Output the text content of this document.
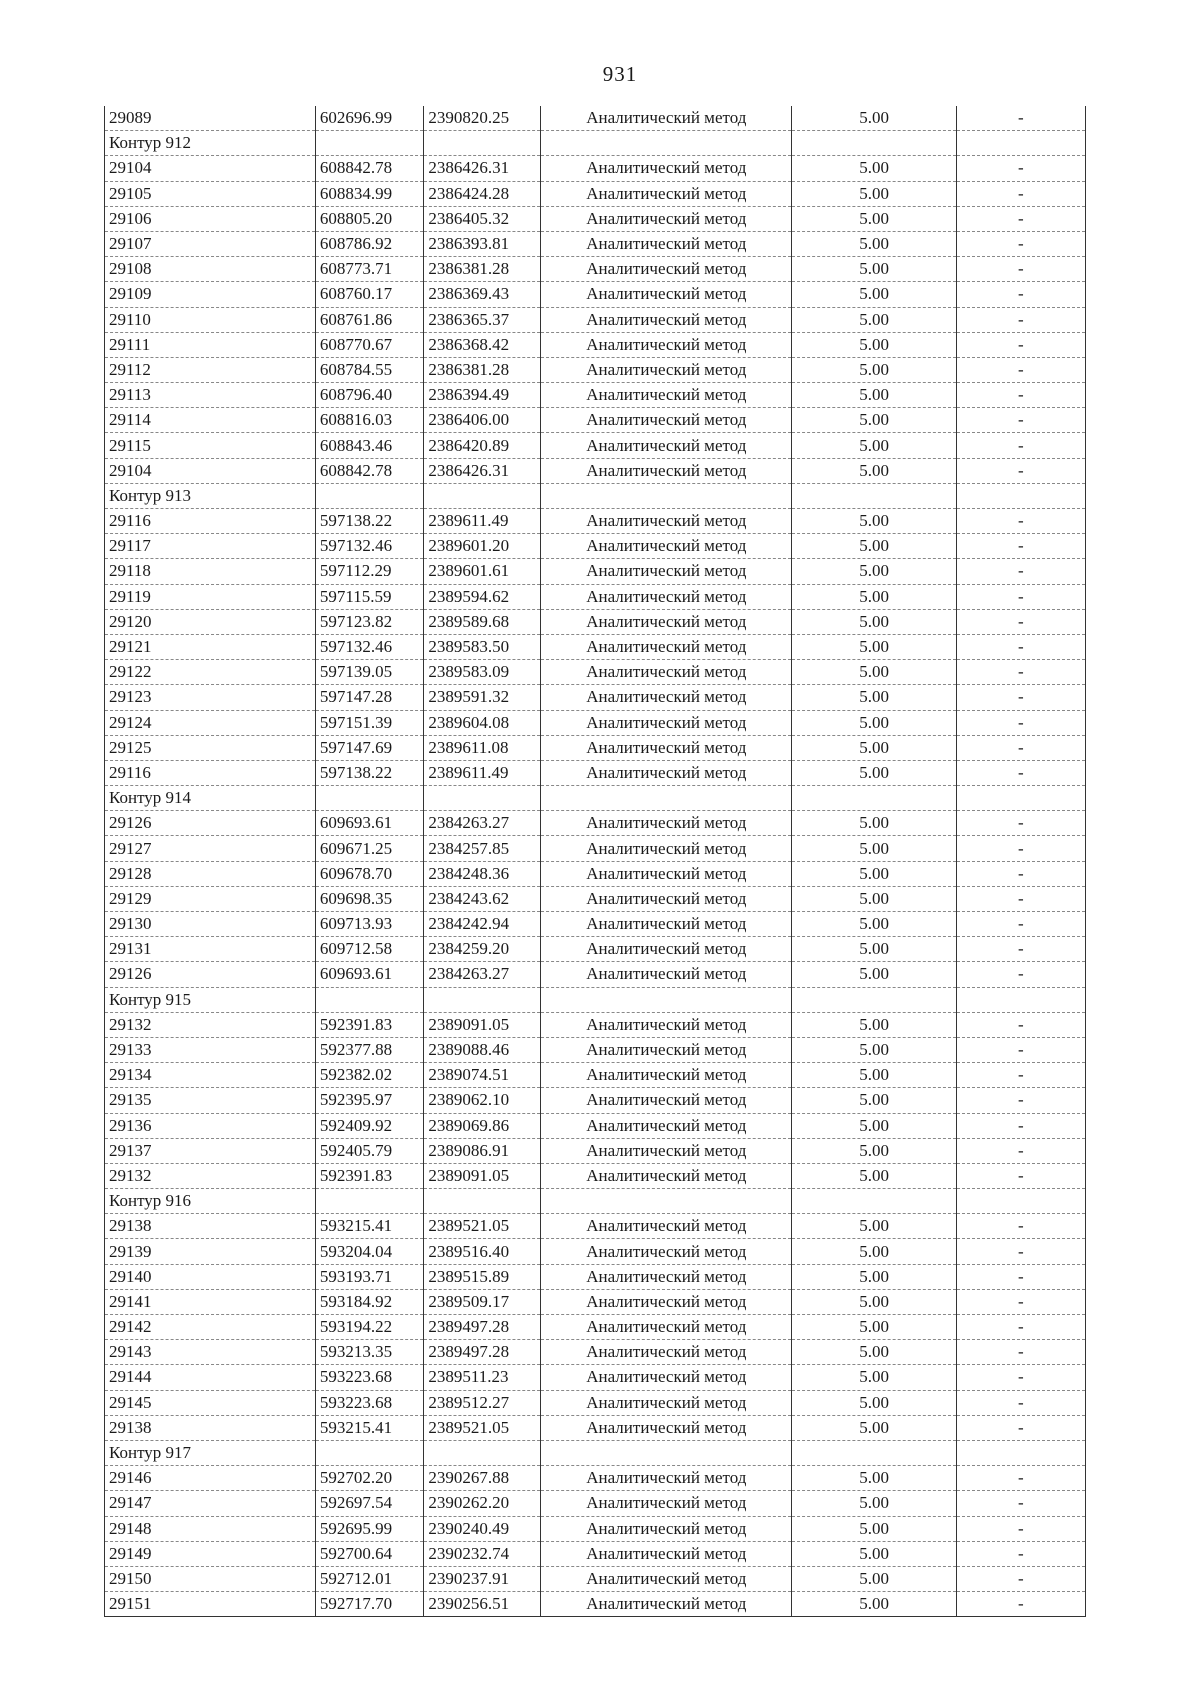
931
29089	602696.99	2390820.25	Аналитический метод	5.00	-
Контур 912					
29104	608842.78	2386426.31	Аналитический метод	5.00	-
29105	608834.99	2386424.28	Аналитический метод	5.00	-
29106	608805.20	2386405.32	Аналитический метод	5.00	-
29107	608786.92	2386393.81	Аналитический метод	5.00	-
29108	608773.71	2386381.28	Аналитический метод	5.00	-
29109	608760.17	2386369.43	Аналитический метод	5.00	-
29110	608761.86	2386365.37	Аналитический метод	5.00	-
29111	608770.67	2386368.42	Аналитический метод	5.00	-
29112	608784.55	2386381.28	Аналитический метод	5.00	-
29113	608796.40	2386394.49	Аналитический метод	5.00	-
29114	608816.03	2386406.00	Аналитический метод	5.00	-
29115	608843.46	2386420.89	Аналитический метод	5.00	-
29104	608842.78	2386426.31	Аналитический метод	5.00	-
Контур 913					
29116	597138.22	2389611.49	Аналитический метод	5.00	-
29117	597132.46	2389601.20	Аналитический метод	5.00	-
29118	597112.29	2389601.61	Аналитический метод	5.00	-
29119	597115.59	2389594.62	Аналитический метод	5.00	-
29120	597123.82	2389589.68	Аналитический метод	5.00	-
29121	597132.46	2389583.50	Аналитический метод	5.00	-
29122	597139.05	2389583.09	Аналитический метод	5.00	-
29123	597147.28	2389591.32	Аналитический метод	5.00	-
29124	597151.39	2389604.08	Аналитический метод	5.00	-
29125	597147.69	2389611.08	Аналитический метод	5.00	-
29116	597138.22	2389611.49	Аналитический метод	5.00	-
Контур 914					
29126	609693.61	2384263.27	Аналитический метод	5.00	-
29127	609671.25	2384257.85	Аналитический метод	5.00	-
29128	609678.70	2384248.36	Аналитический метод	5.00	-
29129	609698.35	2384243.62	Аналитический метод	5.00	-
29130	609713.93	2384242.94	Аналитический метод	5.00	-
29131	609712.58	2384259.20	Аналитический метод	5.00	-
29126	609693.61	2384263.27	Аналитический метод	5.00	-
Контур 915					
29132	592391.83	2389091.05	Аналитический метод	5.00	-
29133	592377.88	2389088.46	Аналитический метод	5.00	-
29134	592382.02	2389074.51	Аналитический метод	5.00	-
29135	592395.97	2389062.10	Аналитический метод	5.00	-
29136	592409.92	2389069.86	Аналитический метод	5.00	-
29137	592405.79	2389086.91	Аналитический метод	5.00	-
29132	592391.83	2389091.05	Аналитический метод	5.00	-
Контур 916					
29138	593215.41	2389521.05	Аналитический метод	5.00	-
29139	593204.04	2389516.40	Аналитический метод	5.00	-
29140	593193.71	2389515.89	Аналитический метод	5.00	-
29141	593184.92	2389509.17	Аналитический метод	5.00	-
29142	593194.22	2389497.28	Аналитический метод	5.00	-
29143	593213.35	2389497.28	Аналитический метод	5.00	-
29144	593223.68	2389511.23	Аналитический метод	5.00	-
29145	593223.68	2389512.27	Аналитический метод	5.00	-
29138	593215.41	2389521.05	Аналитический метод	5.00	-
Контур 917					
29146	592702.20	2390267.88	Аналитический метод	5.00	-
29147	592697.54	2390262.20	Аналитический метод	5.00	-
29148	592695.99	2390240.49	Аналитический метод	5.00	-
29149	592700.64	2390232.74	Аналитический метод	5.00	-
29150	592712.01	2390237.91	Аналитический метод	5.00	-
29151	592717.70	2390256.51	Аналитический метод	5.00	-
